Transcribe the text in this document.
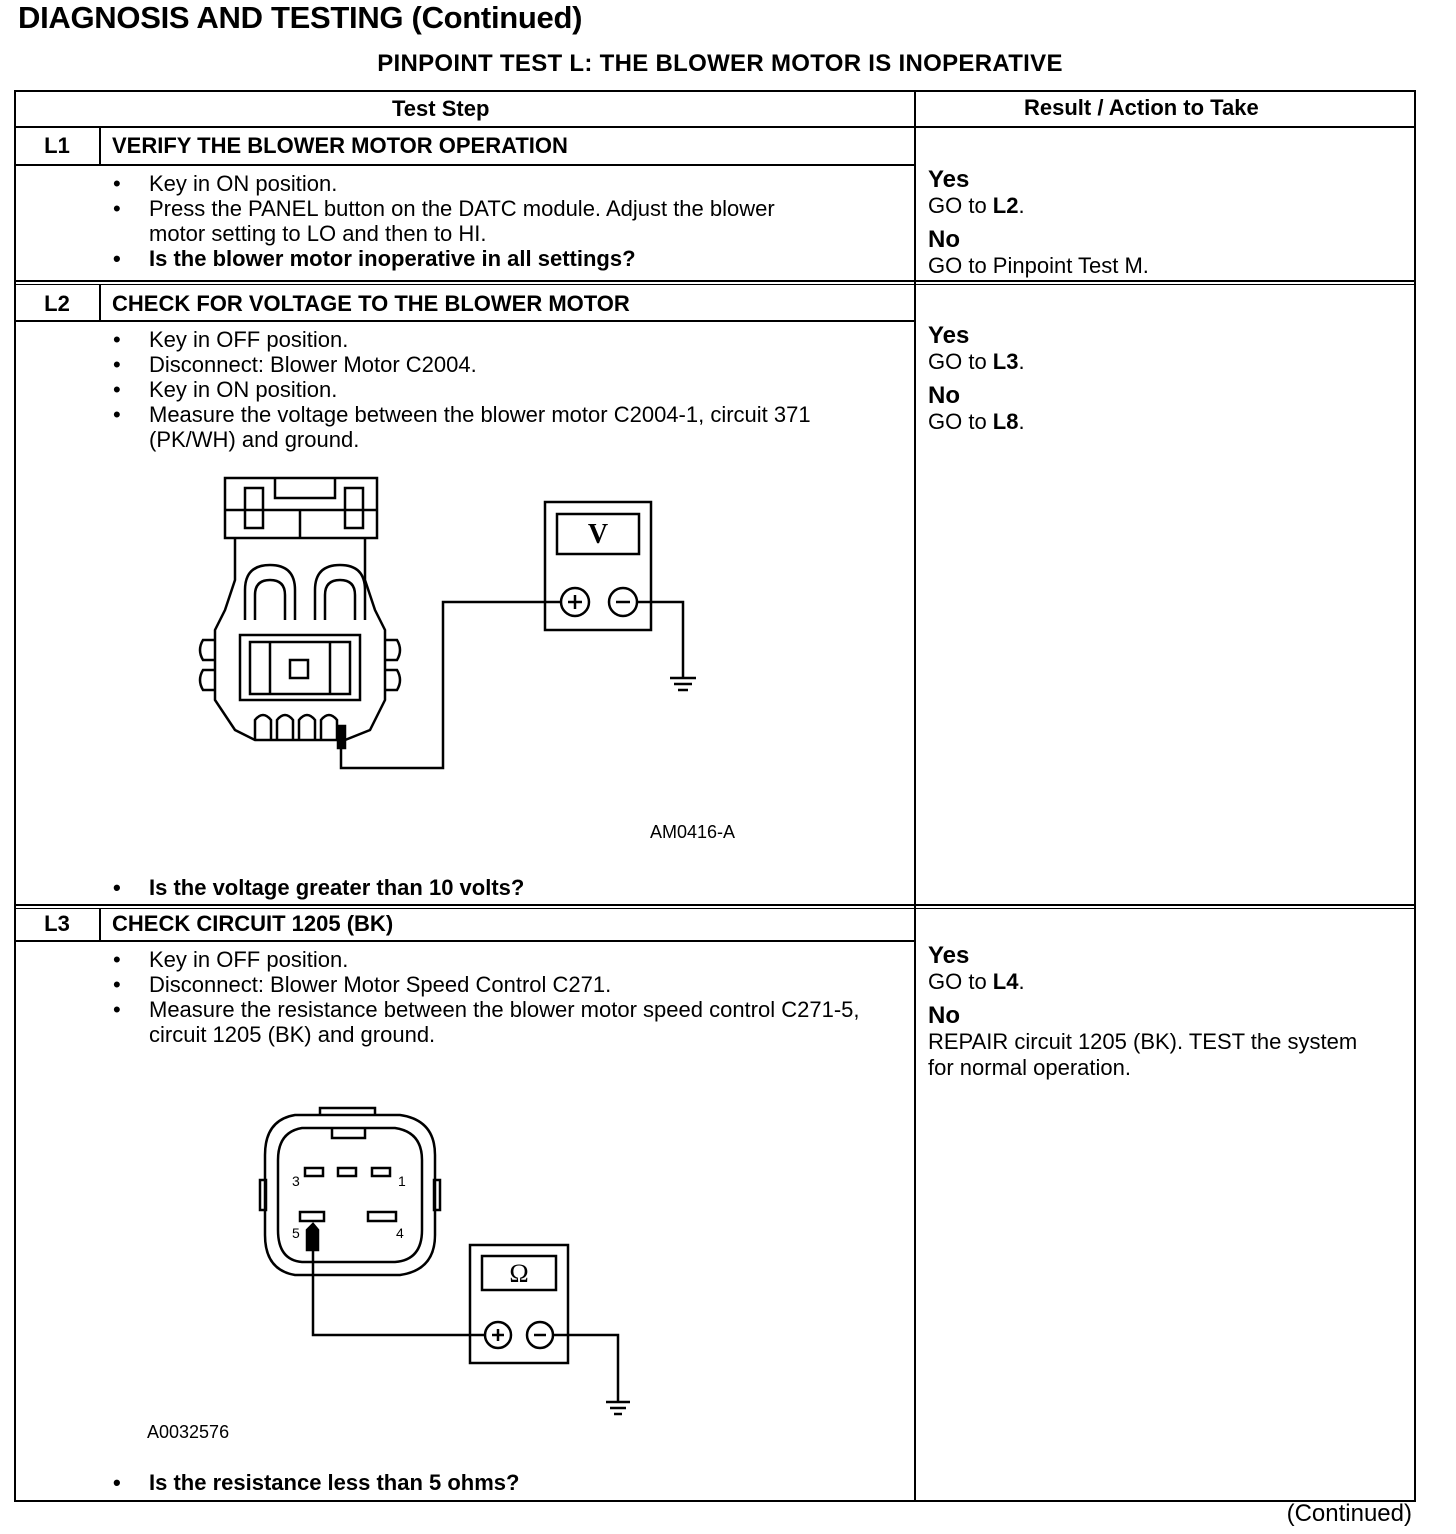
DIAGNOSIS AND TESTING (Continued)
PINPOINT TEST L: THE BLOWER MOTOR IS INOPERATIVE
Test Step	Result / Action to Take
L1	VERIFY THE BLOWER MOTOR OPERATION
• Key in ON position.
• Press the PANEL button on the DATC module. Adjust the blower motor setting to LO and then to HI.
• Is the blower motor inoperative in all settings?
Yes
GO to L2.
No
GO to Pinpoint Test M.
L2	CHECK FOR VOLTAGE TO THE BLOWER MOTOR
• Key in OFF position.
• Disconnect: Blower Motor C2004.
• Key in ON position.
• Measure the voltage between the blower motor C2004-1, circuit 371 (PK/WH) and ground.
V
AM0416-A
• Is the voltage greater than 10 volts?
Yes
GO to L3.
No
GO to L8.
L3	CHECK CIRCUIT 1205 (BK)
• Key in OFF position.
• Disconnect: Blower Motor Speed Control C271.
• Measure the resistance between the blower motor speed control C271-5, circuit 1205 (BK) and ground.
3	1
5	4
Ω
A0032576
• Is the resistance less than 5 ohms?
Yes
GO to L4.
No
REPAIR circuit 1205 (BK). TEST the system for normal operation.
(Continued)
